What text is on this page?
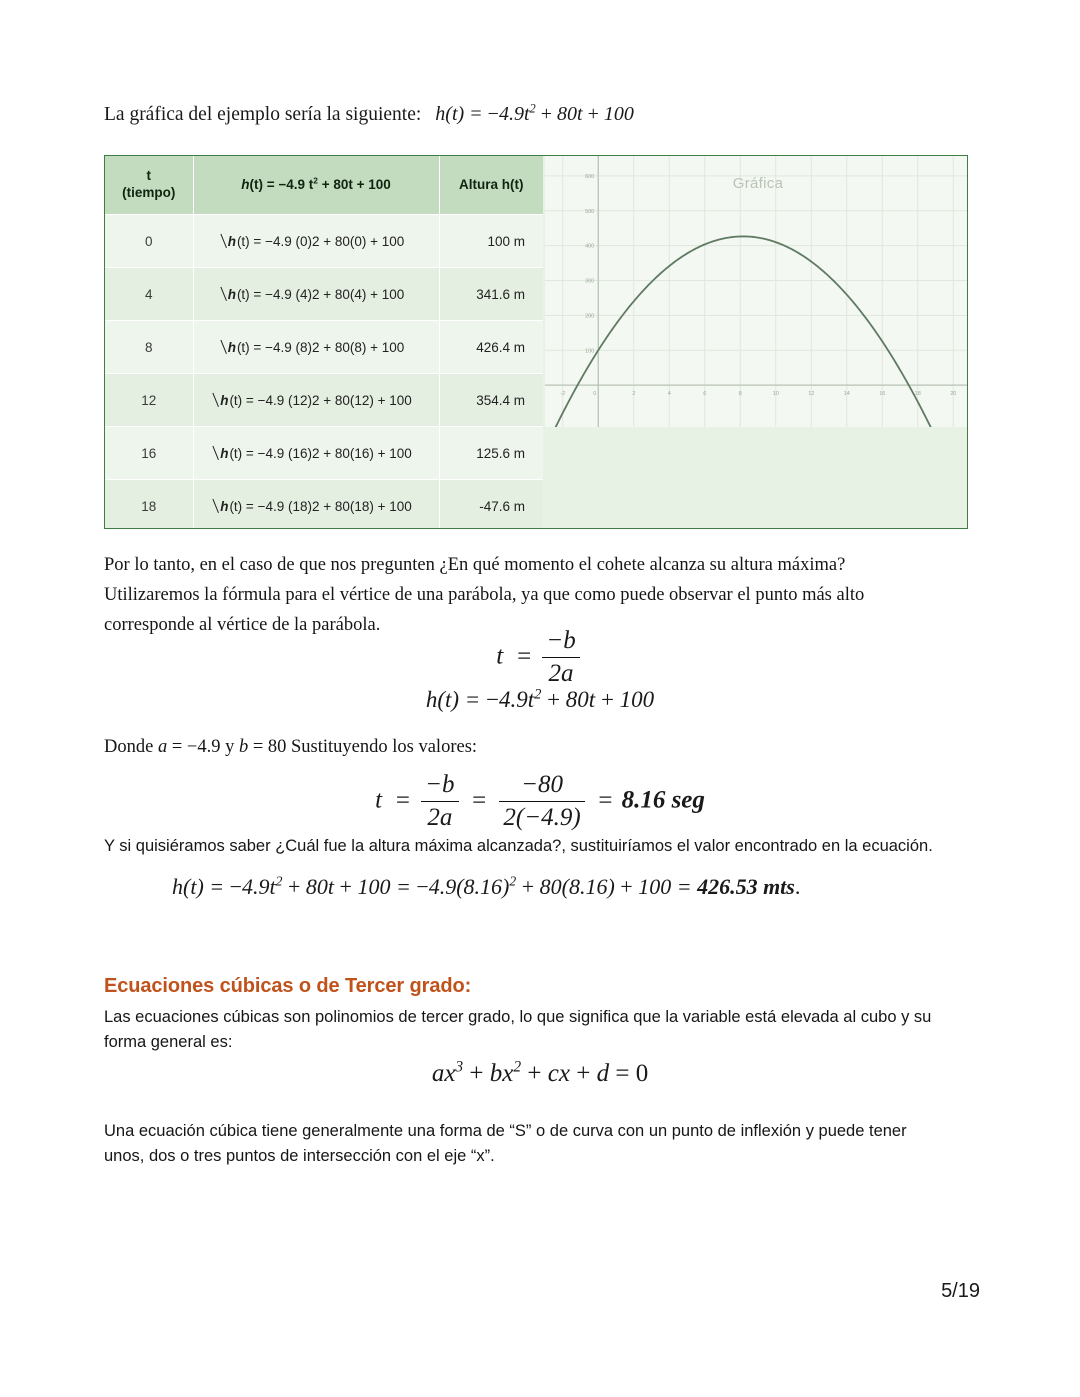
La gráfica del ejemplo sería la siguiente: $h(t) = -4.9t^2 + 80t + 100$
t
(tiempo)	h(t) = −4.9 $t^2 + 80t + 100$	Altura h(t)
0	h(t) = −4.9 (0)2 + 80(0) + 100	100 m
4	h(t) = −4.9 (4)2 + 80(4) + 100	341.6 m
8	h(t) = −4.9 (8)2 + 80(8) + 100	426.4 m
12	h(t) = −4.9 (12)2 + 80(12) + 100	354.4 m
16	h(t) = −4.9 (16)2 + 80(16) + 100	125.6 m
18	h(t) = −4.9 (18)2 + 80(18) + 100	-47.6 m
-2	0	2	4	6	8	10	12	14	16	18	20
100
200
300
400
500
600	Gráfica
Por lo tanto, en el caso de que nos pregunten ¿En qué momento el cohete alcanza su altura máxima?
Utilizaremos la fórmula para el vértice de una parábola, ya que como puede observar el punto más alto
corresponde al vértice de la parábola.
$t = \frac{-b}{2a}$
$h(t) = -4.9t^2 + 80t + 100$
Donde a = −4.9 y b = 80 Sustituyendo los valores:
$t = \frac{-b}{2a} = \frac{-80}{2(-4.9)} = 8.16$ seg
Y si quisiéramos saber ¿Cuál fue la altura máxima alcanzada?, sustituiríamos el valor encontrado en la ecuación.
$h(t) = -4.9t^2 + 80t + 100 = -4.9(8.16)^2 + 80(8.16) + 100 = 426.53$ mts.
Ecuaciones cúbicas o de Tercer grado:
Las ecuaciones cúbicas son polinomios de tercer grado, lo que significa que la variable está elevada al cubo y su
forma general es:
$ax^3 + bx^2$ + cx + d = 0
Una ecuación cúbica tiene generalmente una forma de “S” o de curva con un punto de inflexión y puede tener
unos, dos o tres puntos de intersección con el eje “x”.
5/19
